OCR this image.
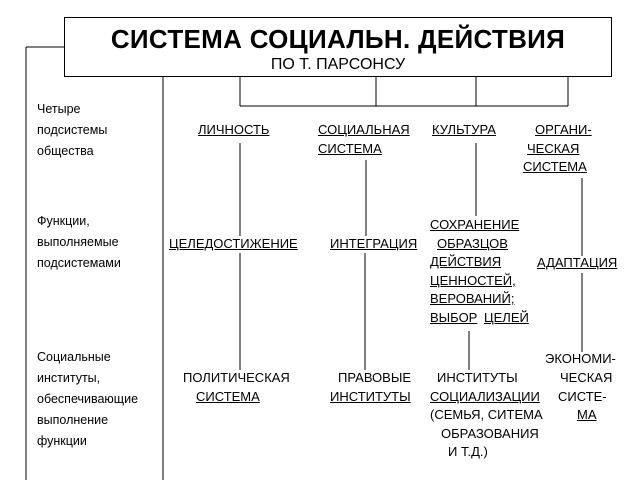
СИСТЕМА СОЦИАЛЬН. ДЕЙСТВИЯ
ПО Т. ПАРСОНСУ
Четыре
подсистемы
общества
Функции,
выполняемые
подсистемами
Социальные
институты,
обеспечивающие
выполнение
функции
ЛИЧНОСТЬ	СОЦИАЛЬНАЯ
СИСТЕМА
КУЛЬТУРА	ОРГАНИ-
ЧЕСКАЯ
СИСТЕМА
ЦЕЛЕДОСТИЖЕНИЕ ИНТЕГРАЦИЯ
СОХРАНЕНИЕ
ОБРАЗЦОВ
ДЕЙСТВИЯ
ЦЕННОСТЕЙ,
ВЕРОВАНИЙ;
ВЫБОР ЦЕЛЕЙ
АДАПТАЦИЯ
ПОЛИТИЧЕСКАЯ
СИСТЕМА
ПРАВОВЫЕ
ИНСТИТУТЫ
ИНСТИТУТЫ
СОЦИАЛИЗАЦИИ
(СЕМЬЯ, СИТЕМА
ОБРАЗОВАНИЯ
И Т.Д.)
ЭКОНОМИ-
ЧЕСКАЯ
СИСТЕ-
МА
